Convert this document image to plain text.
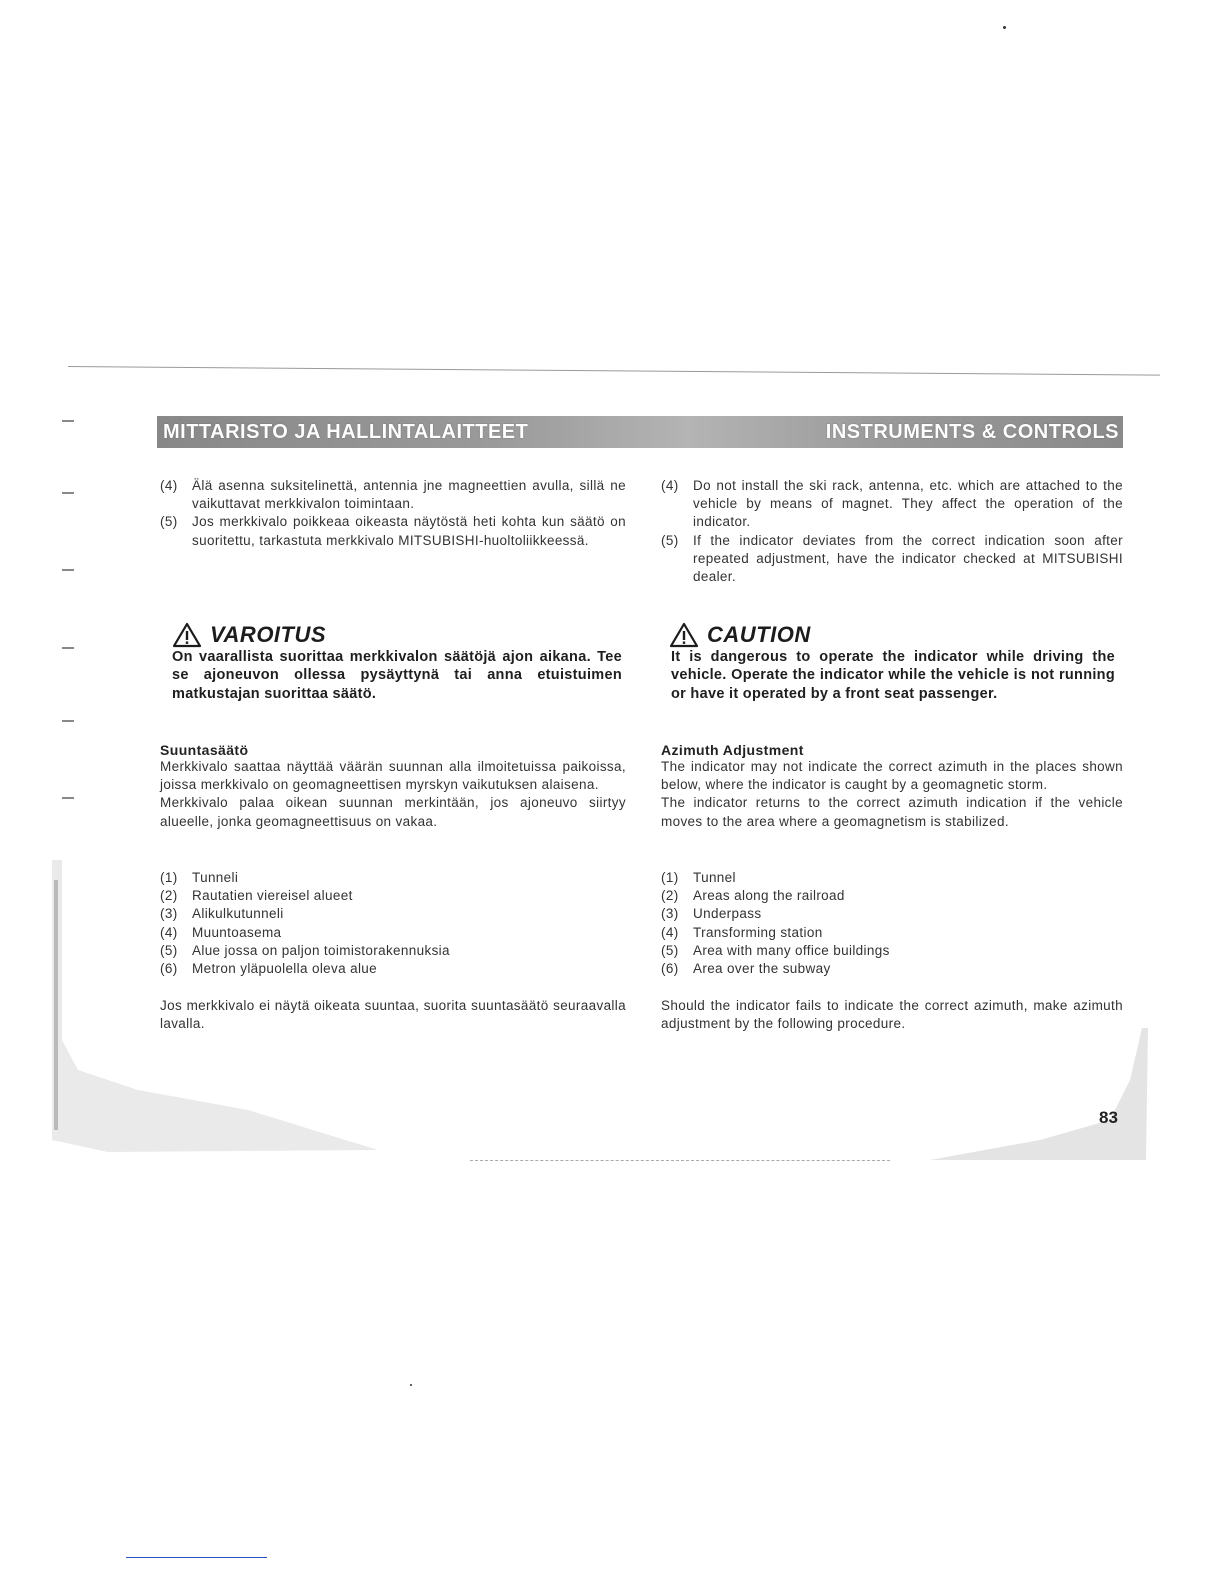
MITTARISTO JA HALLINTALAITTEET	INSTRUMENTS & CONTROLS
(4)	Älä asenna suksitelinettä, antennia jne magneettien avulla, sillä ne vaikuttavat merkkivalon toimintaan.
(5)	Jos merkkivalo poikkeaa oikeasta näytöstä heti kohta kun säätö on suoritettu, tarkastuta merkkivalo MITSUBISHI-huoltoliikkeessä.
VAROITUS

On vaarallista suorittaa merkkivalon säätöjä ajon aikana. Tee se ajoneuvon ollessa pysäyttynä tai anna etuistuimen matkustajan suorittaa säätö.

Suuntasäätö

Merkkivalo saattaa näyttää väärän suunnan alla ilmoitetuissa paikoissa, joissa merkkivalo on geomagneettisen myrskyn vaikutuksen alaisena.

Merkkivalo palaa oikean suunnan merkintään, jos ajoneuvo siirtyy alueelle, jonka geomagneettisuus on vakaa.

(1)	Tunneli
(2)	Rautatien viereisel alueet
(3)	Alikulkutunneli
(4)	Muuntoasema
(5)	Alue jossa on paljon toimistorakennuksia
(6)	Metron yläpuolella oleva alue

Jos merkkivalo ei näytä oikeata suuntaa, suorita suuntasäätö seuraavalla lavalla.

(4)	Do not install the ski rack, antenna, etc. which are attached to the vehicle by means of magnet. They affect the operation of the indicator.
(5)	If the indicator deviates from the correct indication soon after repeated adjustment, have the indicator checked at MITSUBISHI dealer.
CAUTION

It is dangerous to operate the indicator while driving the vehicle. Operate the indicator while the vehicle is not running or have it operated by a front seat passenger.

Azimuth Adjustment

The indicator may not indicate the correct azimuth in the places shown below, where the indicator is caught by a geomagnetic storm.

The indicator returns to the correct azimuth indication if the vehicle moves to the area where a geomagnetism is stabilized.

(1)	Tunnel
(2)	Areas along the railroad
(3)	Underpass
(4)	Transforming station
(5)	Area with many office buildings
(6)	Area over the subway

Should the indicator fails to indicate the correct azimuth, make azimuth adjustment by the following procedure.

83
